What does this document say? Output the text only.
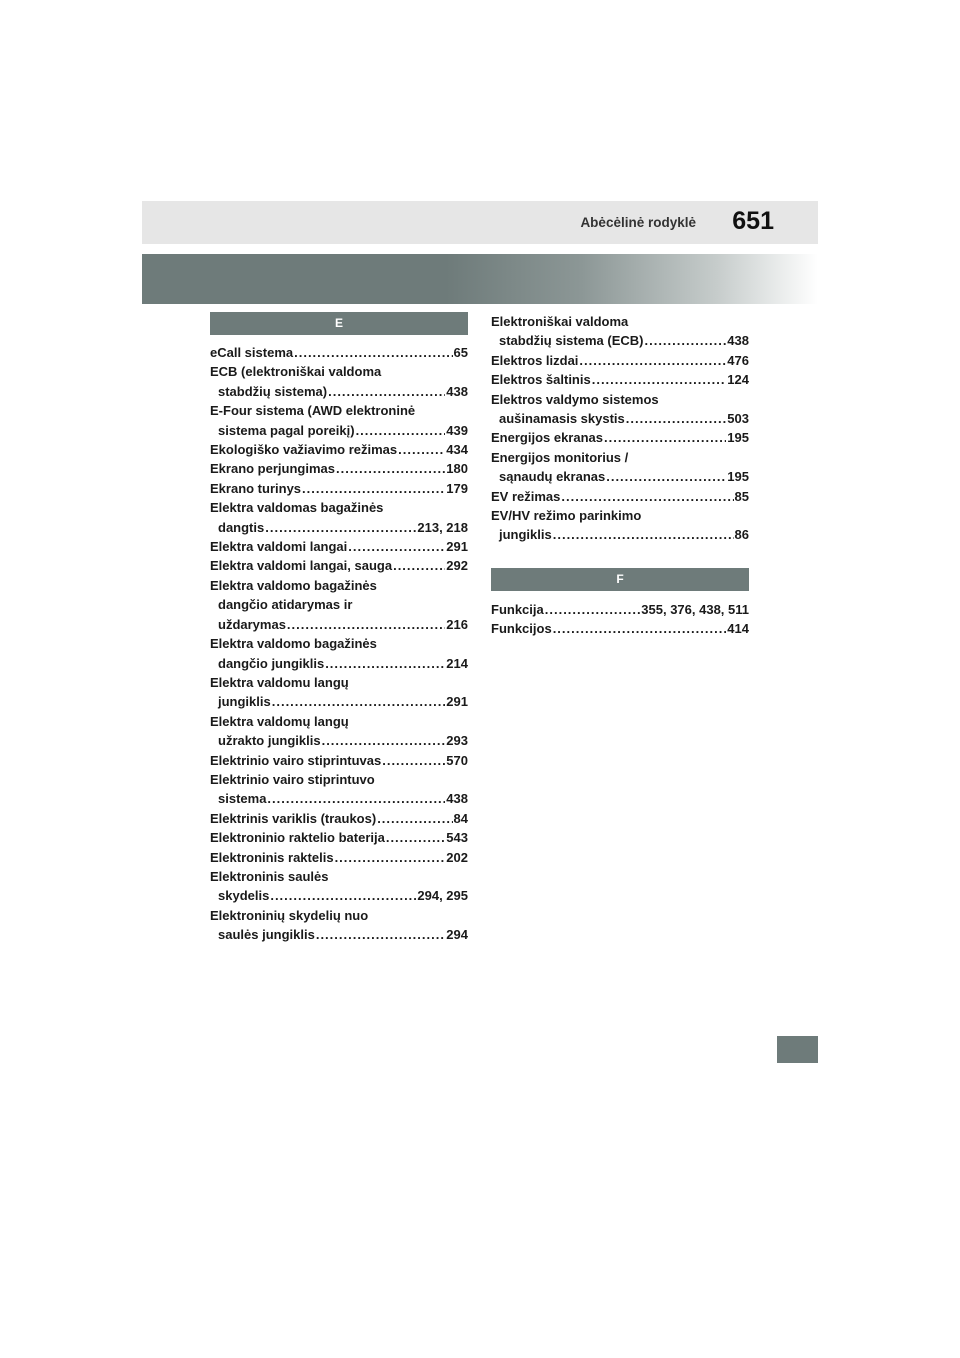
Abėcėlinė rodyklė 651
E
eCall sistema .....	65
ECB (elektroniškai valdoma
stabdžių sistema) .....	438
E-Four sistema (AWD elektroninė
sistema pagal poreikį) .....	439
Ekologiško važiavimo režimas .....	434
Ekrano perjungimas .....	180
Ekrano turinys .....	179
Elektra valdomas bagažinės
dangtis .....	213, 218
Elektra valdomi langai .....	291
Elektra valdomi langai, sauga .....	292
Elektra valdomo bagažinės
dangčio atidarymas ir
uždarymas .....	216
Elektra valdomo bagažinės
dangčio jungiklis .....	214
Elektra valdomu langų
jungiklis .....	291
Elektra valdomų langų
užrakto jungiklis .....	293
Elektrinio vairo stiprintuvas .....	570
Elektrinio vairo stiprintuvo
sistema .....	438
Elektrinis variklis (traukos) .....	84
Elektroninio raktelio baterija .....	543
Elektroninis raktelis .....	202
Elektroninis saulės
skydelis .....	294, 295
Elektroninių skydelių nuo
saulės jungiklis .....	294
Elektroniškai valdoma
stabdžių sistema (ECB) .....	438
Elektros lizdai .....	476
Elektros šaltinis .....	124
Elektros valdymo sistemos
aušinamasis skystis .....	503
Energijos ekranas .....	195
Energijos monitorius /
sąnaudų ekranas .....	195
EV režimas .....	85
EV/HV režimo parinkimo
jungiklis .....	86
F
Funkcija .....	355, 376, 438, 511
Funkcijos .....	414
